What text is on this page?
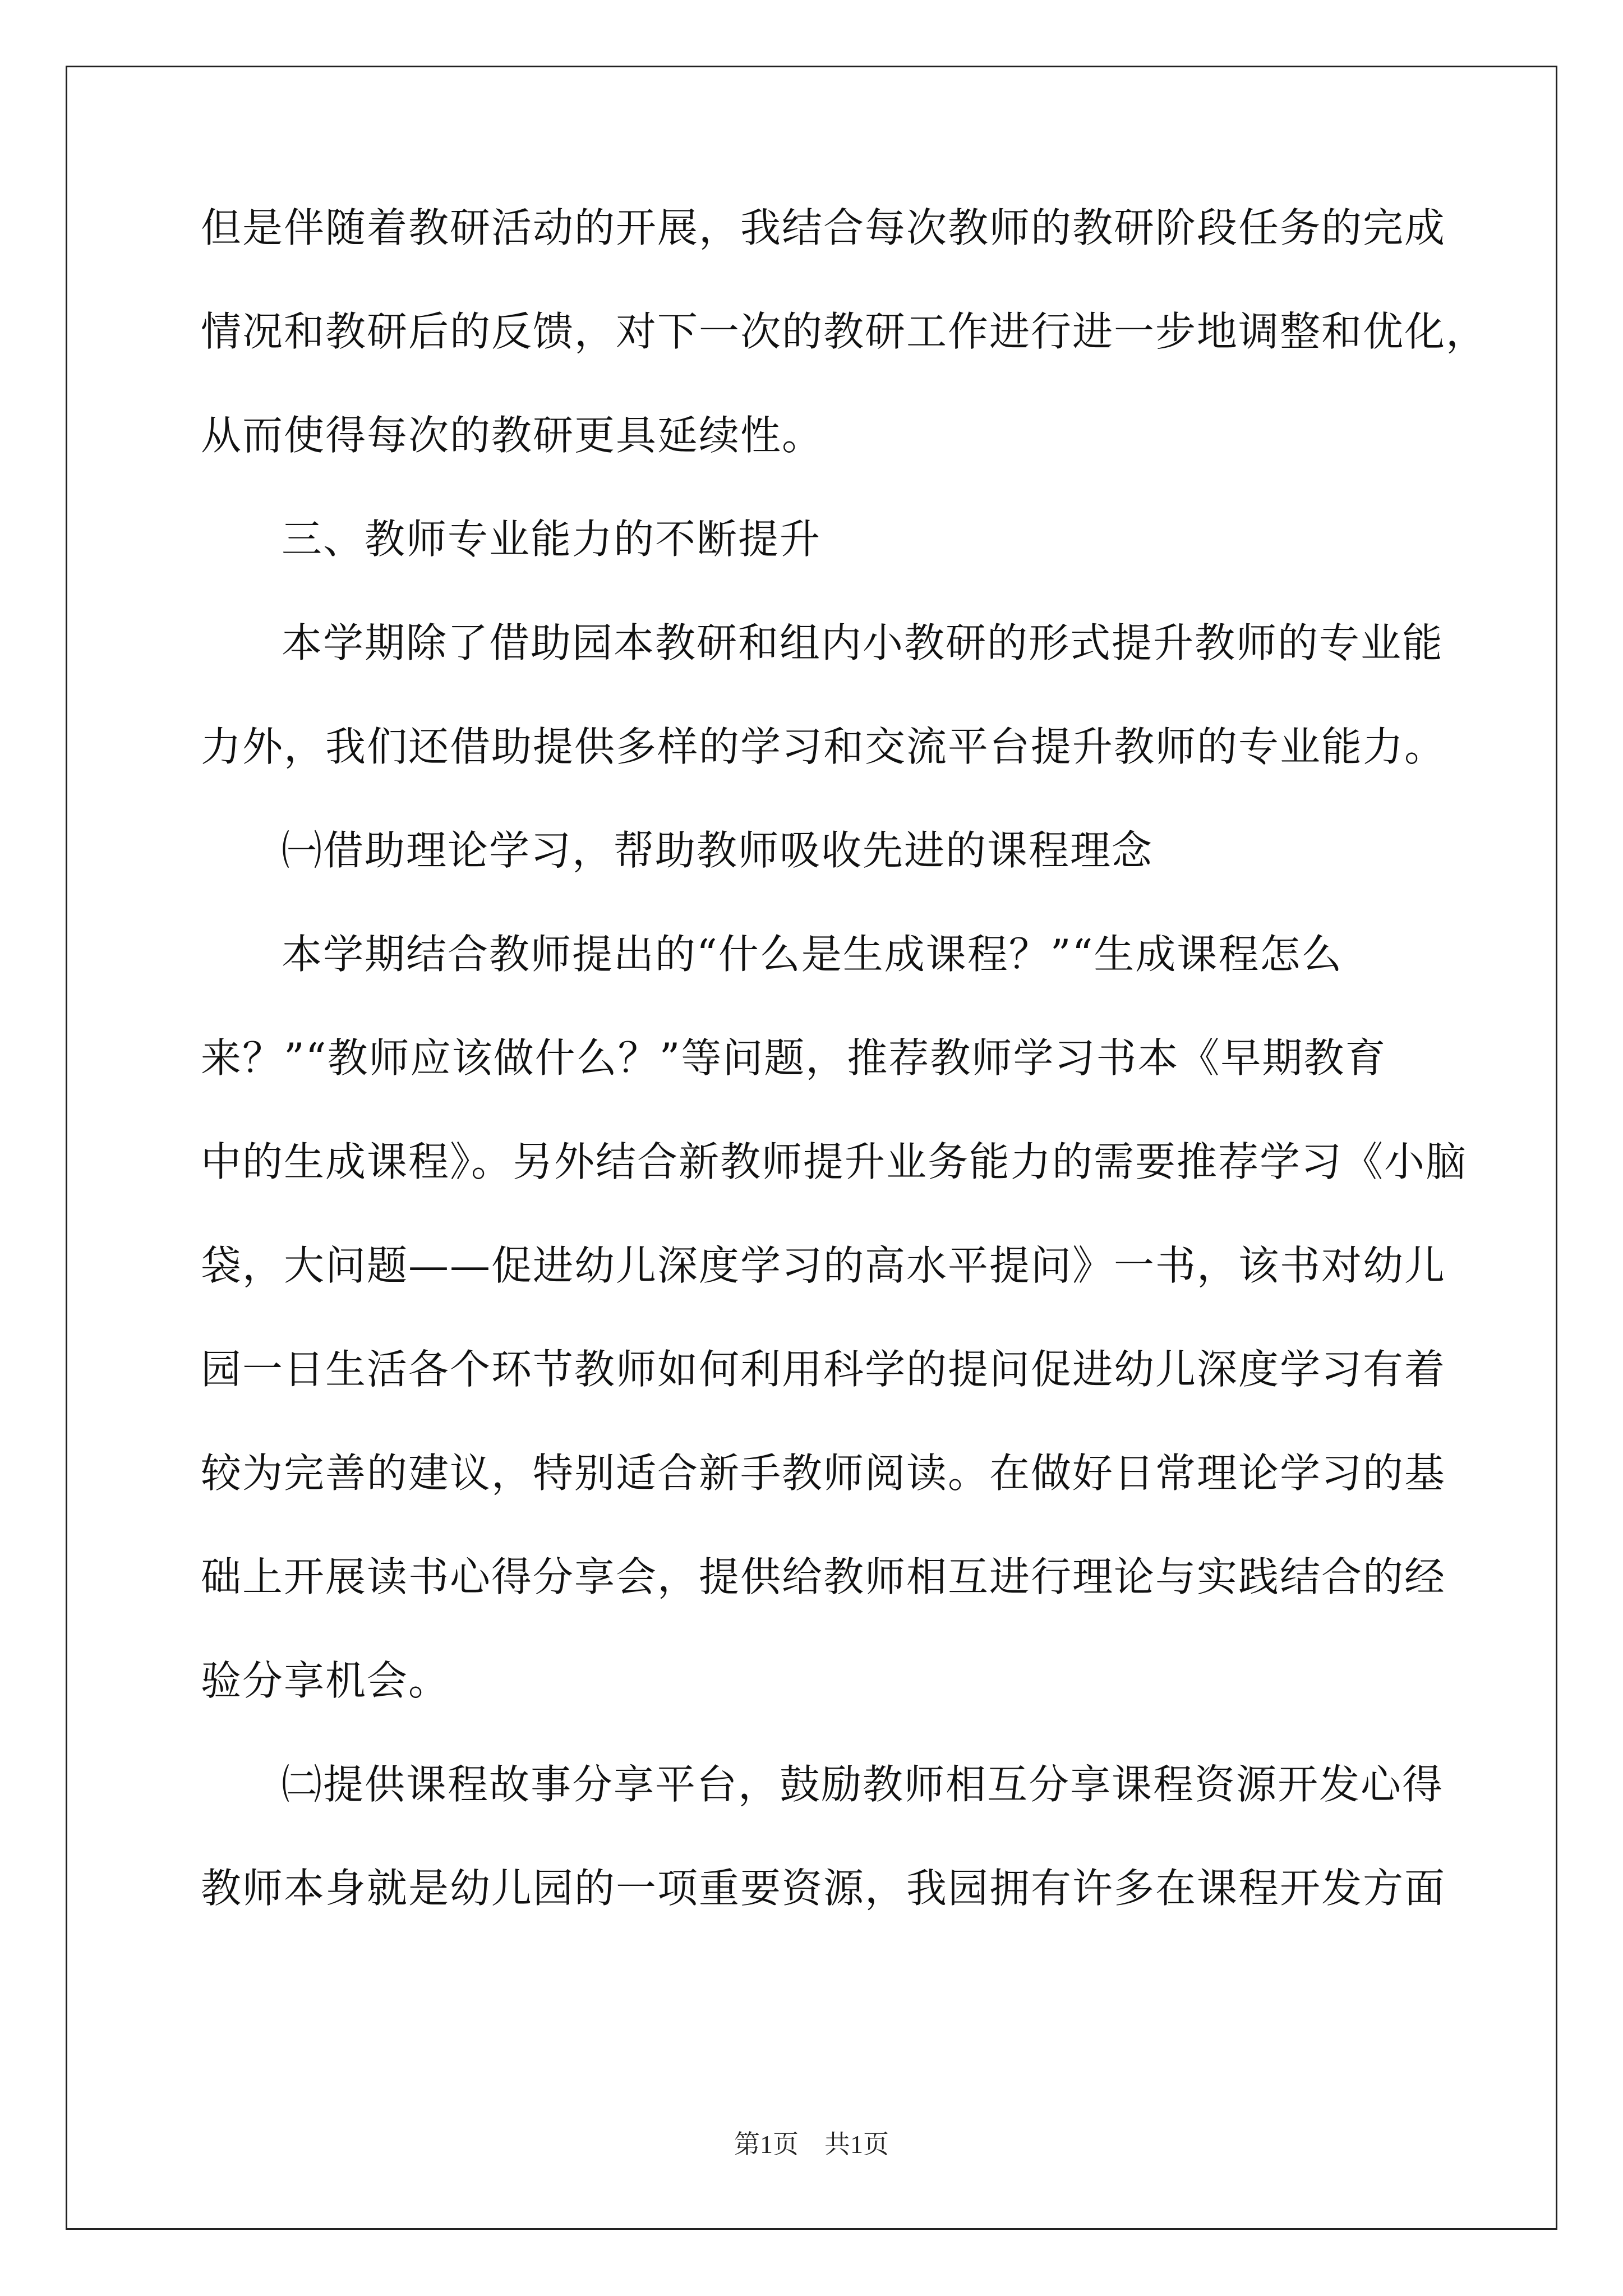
但是伴随着教研活动的开展，我结合每次教师的教研阶段任务的完成
情况和教研后的反馈，对下一次的教研工作进行进一步地调整和优化，
从而使得每次的教研更具延续性。
三、教师专业能力的不断提升
本学期除了借助园本教研和组内小教研的形式提升教师的专业能
力外，我们还借助提供多样的学习和交流平台提升教师的专业能力。
㈠借助理论学习，帮助教师吸收先进的课程理念
本学期结合教师提出的“什么是生成课程？”“生成课程怎么
来？”“教师应该做什么？”等问题，推荐教师学习书本《早期教育
中的生成课程》。另外结合新教师提升业务能力的需要推荐学习《小脑
袋，大问题——促进幼儿深度学习的高水平提问》一书，该书对幼儿
园一日生活各个环节教师如何利用科学的提问促进幼儿深度学习有着
较为完善的建议，特别适合新手教师阅读。在做好日常理论学习的基
础上开展读书心得分享会，提供给教师相互进行理论与实践结合的经
验分享机会。
㈡提供课程故事分享平台，鼓励教师相互分享课程资源开发心得
教师本身就是幼儿园的一项重要资源，我园拥有许多在课程开发方面
第1页　共1页
